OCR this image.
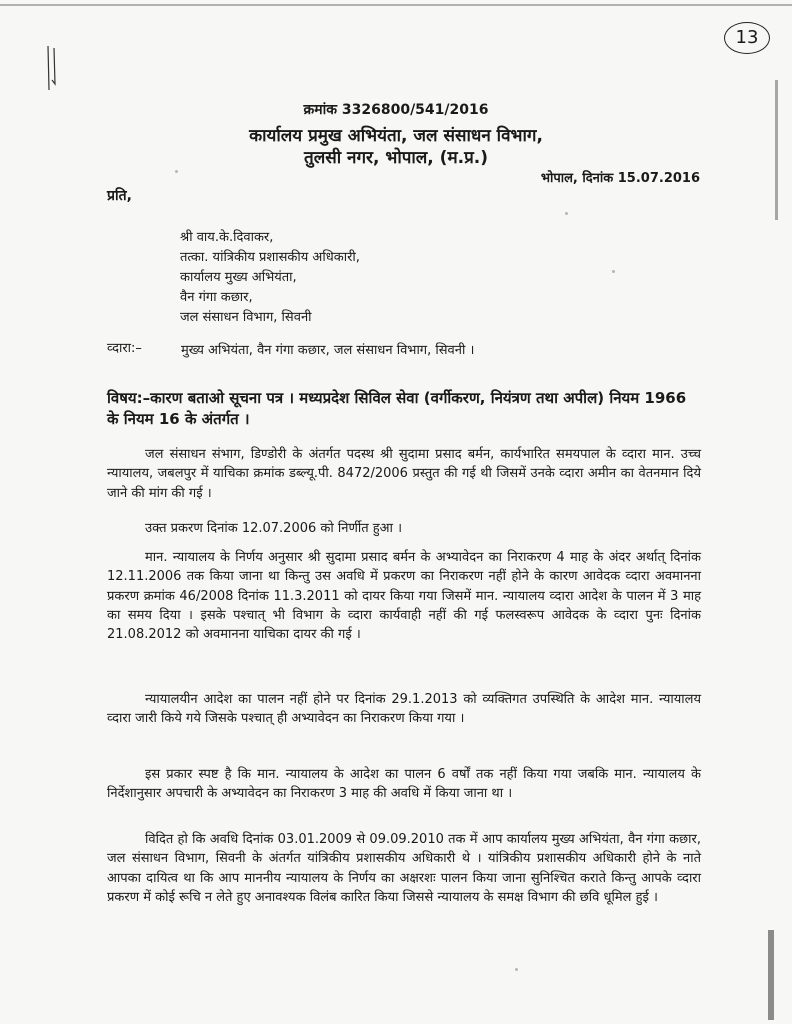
13
क्रमांक 3326800/541/2016
कार्यालय प्रमुख अभियंता, जल संसाधन विभाग,
तुलसी नगर, भोपाल, (म.प्र.)
भोपाल, दिनांक 15.07.2016
प्रति,
श्री वाय.के.दिवाकर,
तत्का. यांत्रिकीय प्रशासकीय अधिकारी,
कार्यालय मुख्य अभियंता,
वैन गंगा कछार,
जल संसाधन विभाग, सिवनी
व्दारा:–	मुख्य अभियंता, वैन गंगा कछार, जल संसाधन विभाग, सिवनी ।
विषय:–कारण बताओ सूचना पत्र । मध्यप्रदेश सिविल सेवा (वर्गीकरण, नियंत्रण तथा अपील) नियम 1966 के नियम 16 के अंतर्गत ।
जल संसाधन संभाग, डिण्डोरी के अंतर्गत पदस्थ श्री सुदामा प्रसाद बर्मन, कार्यभारित समयपाल के व्दारा मान. उच्च न्यायालय, जबलपुर में याचिका क्रमांक डब्ल्यू.पी. 8472/2006 प्रस्तुत की गई थी जिसमें उनके व्दारा अमीन का वेतनमान दिये जाने की मांग की गई ।
उक्त प्रकरण दिनांक 12.07.2006 को निर्णीत हुआ ।
मान. न्यायालय के निर्णय अनुसार श्री सुदामा प्रसाद बर्मन के अभ्यावेदन का निराकरण 4 माह के अंदर अर्थात् दिनांक 12.11.2006 तक किया जाना था किन्तु उस अवधि में प्रकरण का निराकरण नहीं होने के कारण आवेदक व्दारा अवमानना प्रकरण क्रमांक 46/2008 दिनांक 11.3.2011 को दायर किया गया जिसमें मान. न्यायालय व्दारा आदेश के पालन में 3 माह का समय दिया । इसके पश्चात् भी विभाग के व्दारा कार्यवाही नहीं की गई फलस्वरूप आवेदक के व्दारा पुनः दिनांक 21.08.2012 को अवमानना याचिका दायर की गई ।
न्यायालयीन आदेश का पालन नहीं होने पर दिनांक 29.1.2013 को व्यक्तिगत उपस्थिति के आदेश मान. न्यायालय व्दारा जारी किये गये जिसके पश्चात् ही अभ्यावेदन का निराकरण किया गया ।
इस प्रकार स्पष्ट है कि मान. न्यायालय के आदेश का पालन 6 वर्षों तक नहीं किया गया जबकि मान. न्यायालय के निर्देशानुसार अपचारी के अभ्यावेदन का निराकरण 3 माह की अवधि में किया जाना था ।
विदित हो कि अवधि दिनांक 03.01.2009 से 09.09.2010 तक में आप कार्यालय मुख्य अभियंता, वैन गंगा कछार, जल संसाधन विभाग, सिवनी के अंतर्गत यांत्रिकीय प्रशासकीय अधिकारी थे । यांत्रिकीय प्रशासकीय अधिकारी होने के नाते आपका दायित्व था कि आप माननीय न्यायालय के निर्णय का अक्षरशः पालन किया जाना सुनिश्चित कराते किन्तु आपके व्दारा प्रकरण में कोई रूचि न लेते हुए अनावश्यक विलंब कारित किया जिससे न्यायालय के समक्ष विभाग की छवि धूमिल हुई ।
